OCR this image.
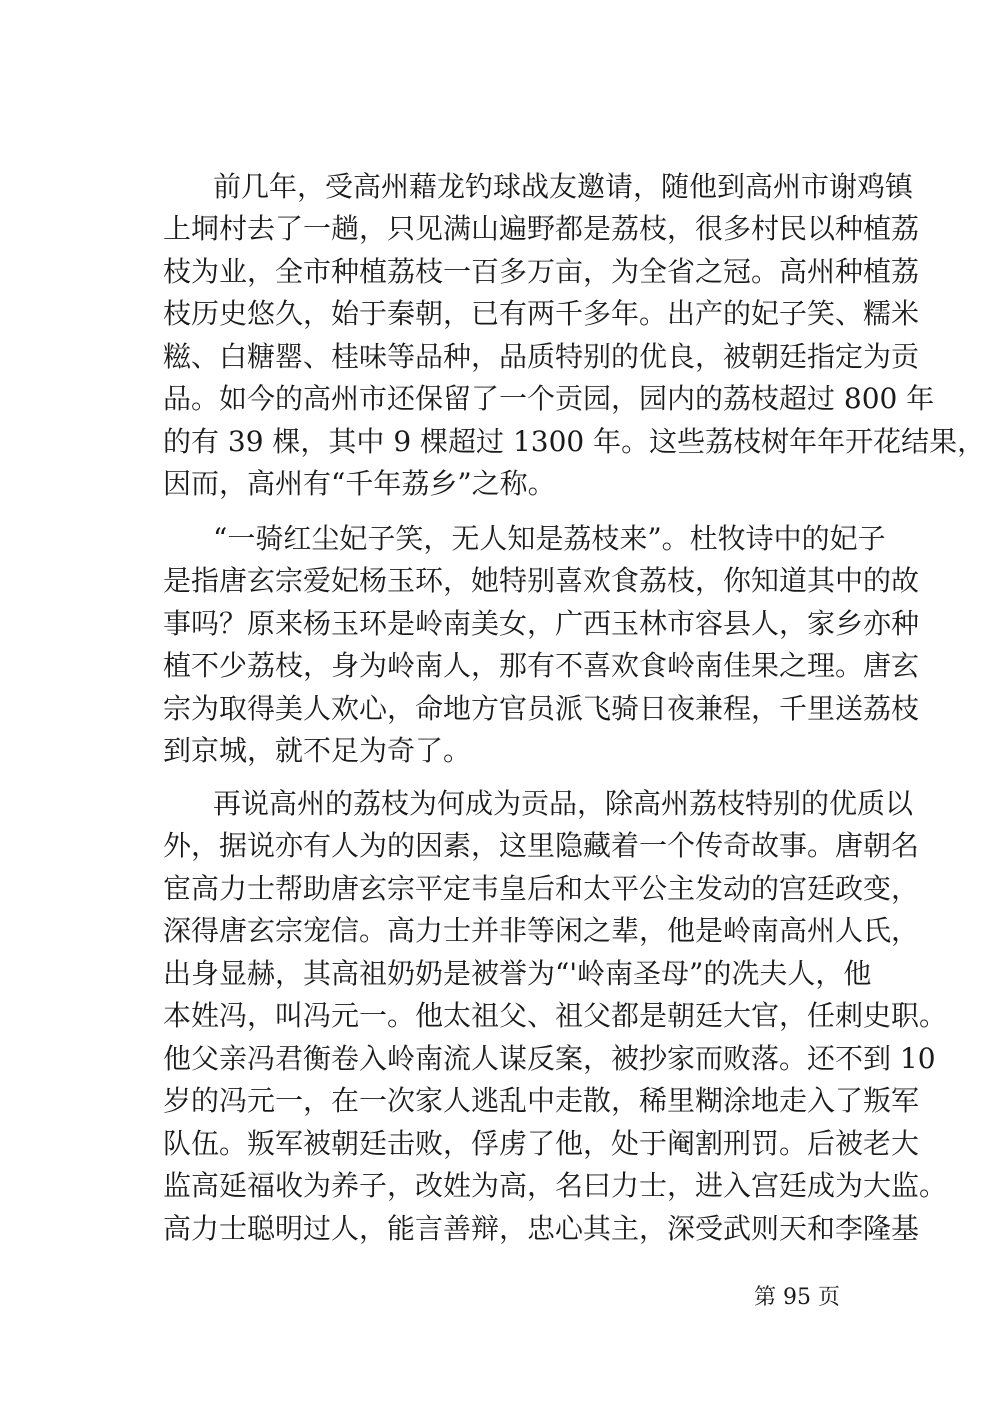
前几年，受高州藉龙钓球战友邀请，随他到高州市谢鸡镇
上垌村去了一趟，只见满山遍野都是荔枝，很多村民以种植荔
枝为业，全市种植荔枝一百多万亩，为全省之冠。高州种植荔
枝历史悠久，始于秦朝，已有两千多年。出产的妃子笑、糯米
糍、白糖罂、桂味等品种，品质特别的优良，被朝廷指定为贡
品。如今的高州市还保留了一个贡园，园内的荔枝超过 800 年
的有 39 棵，其中 9 棵超过 1300 年。这些荔枝树年年开花结果，
因而，高州有“千年荔乡”之称。
“一骑红尘妃子笑，无人知是荔枝来”。杜牧诗中的妃子
是指唐玄宗爱妃杨玉环，她特别喜欢食荔枝，你知道其中的故
事吗？原来杨玉环是岭南美女，广西玉林市容县人，家乡亦种
植不少荔枝，身为岭南人，那有不喜欢食岭南佳果之理。唐玄
宗为取得美人欢心，命地方官员派飞骑日夜兼程，千里送荔枝
到京城，就不足为奇了。
再说高州的荔枝为何成为贡品，除高州荔枝特别的优质以
外，据说亦有人为的因素，这里隐藏着一个传奇故事。唐朝名
宦高力士帮助唐玄宗平定韦皇后和太平公主发动的宫廷政变，
深得唐玄宗宠信。高力士并非等闲之辈，他是岭南高州人氏，
出身显赫，其高祖奶奶是被誉为“'岭南圣母”的冼夫人，他
本姓冯，叫冯元一。他太祖父、祖父都是朝廷大官，任刺史职。
他父亲冯君衡卷入岭南流人谋反案，被抄家而败落。还不到 10
岁的冯元一，在一次家人逃乱中走散，稀里糊涂地走入了叛军
队伍。叛军被朝廷击败，俘虏了他，处于阉割刑罚。后被老大
监高延福收为养子，改姓为高，名曰力士，进入宫廷成为大监。
高力士聪明过人，能言善辩，忠心其主，深受武则天和李隆基
第 95 页
